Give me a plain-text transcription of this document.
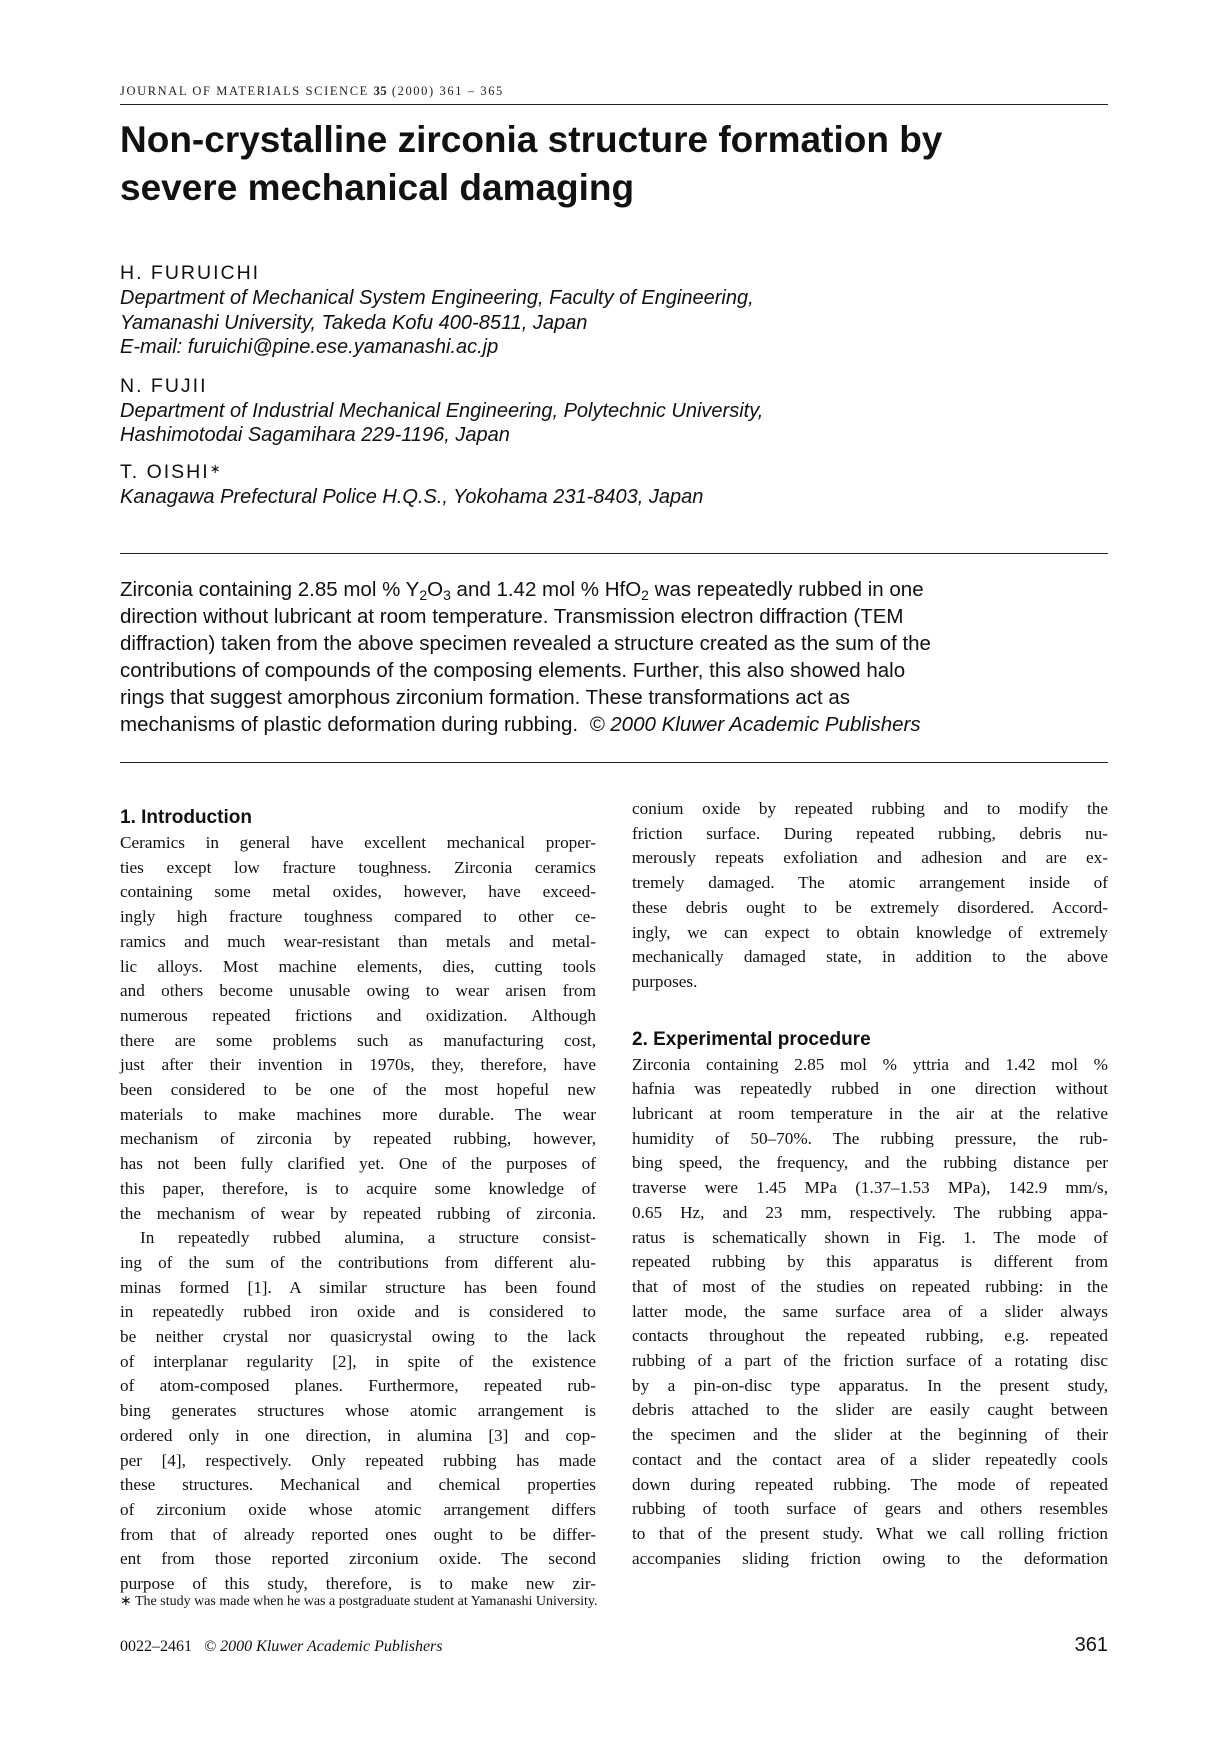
JOURNAL OF MATERIALS SCIENCE 35 (2000) 361 – 365
Non-crystalline zirconia structure formation by
severe mechanical damaging
H. FURUICHI
Department of Mechanical System Engineering, Faculty of Engineering,
Yamanashi University, Takeda Kofu 400-8511, Japan
E-mail: furuichi@pine.ese.yamanashi.ac.jp
N. FUJII
Department of Industrial Mechanical Engineering, Polytechnic University,
Hashimotodai Sagamihara 229-1196, Japan
T. OISHI∗
Kanagawa Prefectural Police H.Q.S., Yokohama 231-8403, Japan
Zirconia containing 2.85 mol % $Y_2O_3$ and 1.42 mol % HfO$_2$ was repeatedly rubbed in one
direction without lubricant at room temperature. Transmission electron diffraction (TEM
diffraction) taken from the above specimen revealed a structure created as the sum of the
contributions of compounds of the composing elements. Further, this also showed halo
rings that suggest amorphous zirconium formation. These transformations act as
mechanisms of plastic deformation during rubbing. © 2000 Kluwer Academic Publishers
1. Introduction
Ceramics in general have excellent mechanical proper-
ties except low fracture toughness. Zirconia ceramics
containing some metal oxides, however, have exceed-
ingly high fracture toughness compared to other ce-
ramics and much wear-resistant than metals and metal-
lic alloys. Most machine elements, dies, cutting tools
and others become unusable owing to wear arisen from
numerous repeated frictions and oxidization. Although
there are some problems such as manufacturing cost,
just after their invention in 1970s, they, therefore, have
been considered to be one of the most hopeful new
materials to make machines more durable. The wear
mechanism of zirconia by repeated rubbing, however,
has not been fully clarified yet. One of the purposes of
this paper, therefore, is to acquire some knowledge of
the mechanism of wear by repeated rubbing of zirconia.
In repeatedly rubbed alumina, a structure consist-
ing of the sum of the contributions from different alu-
minas formed [1]. A similar structure has been found
in repeatedly rubbed iron oxide and is considered to
be neither crystal nor quasicrystal owing to the lack
of interplanar regularity [2], in spite of the existence
of atom-composed planes. Furthermore, repeated rub-
bing generates structures whose atomic arrangement is
ordered only in one direction, in alumina [3] and cop-
per [4], respectively. Only repeated rubbing has made
these structures. Mechanical and chemical properties
of zirconium oxide whose atomic arrangement differs
from that of already reported ones ought to be differ-
ent from those reported zirconium oxide. The second
purpose of this study, therefore, is to make new zir-
conium oxide by repeated rubbing and to modify the
friction surface. During repeated rubbing, debris nu-
merously repeats exfoliation and adhesion and are ex-
tremely damaged. The atomic arrangement inside of
these debris ought to be extremely disordered. Accord-
ingly, we can expect to obtain knowledge of extremely
mechanically damaged state, in addition to the above
purposes.
2. Experimental procedure
Zirconia containing 2.85 mol % yttria and 1.42 mol %
hafnia was repeatedly rubbed in one direction without
lubricant at room temperature in the air at the relative
humidity of 50–70%. The rubbing pressure, the rub-
bing speed, the frequency, and the rubbing distance per
traverse were 1.45 MPa (1.37–1.53 MPa), 142.9 mm/s,
0.65 Hz, and 23 mm, respectively. The rubbing appa-
ratus is schematically shown in Fig. 1. The mode of
repeated rubbing by this apparatus is different from
that of most of the studies on repeated rubbing: in the
latter mode, the same surface area of a slider always
contacts throughout the repeated rubbing, e.g. repeated
rubbing of a part of the friction surface of a rotating disc
by a pin-on-disc type apparatus. In the present study,
debris attached to the slider are easily caught between
the specimen and the slider at the beginning of their
contact and the contact area of a slider repeatedly cools
down during repeated rubbing. The mode of repeated
rubbing of tooth surface of gears and others resembles
to that of the present study. What we call rolling friction
accompanies sliding friction owing to the deformation
∗ The study was made when he was a postgraduate student at Yamanashi University.
0022–2461 © 2000 Kluwer Academic Publishers	361
